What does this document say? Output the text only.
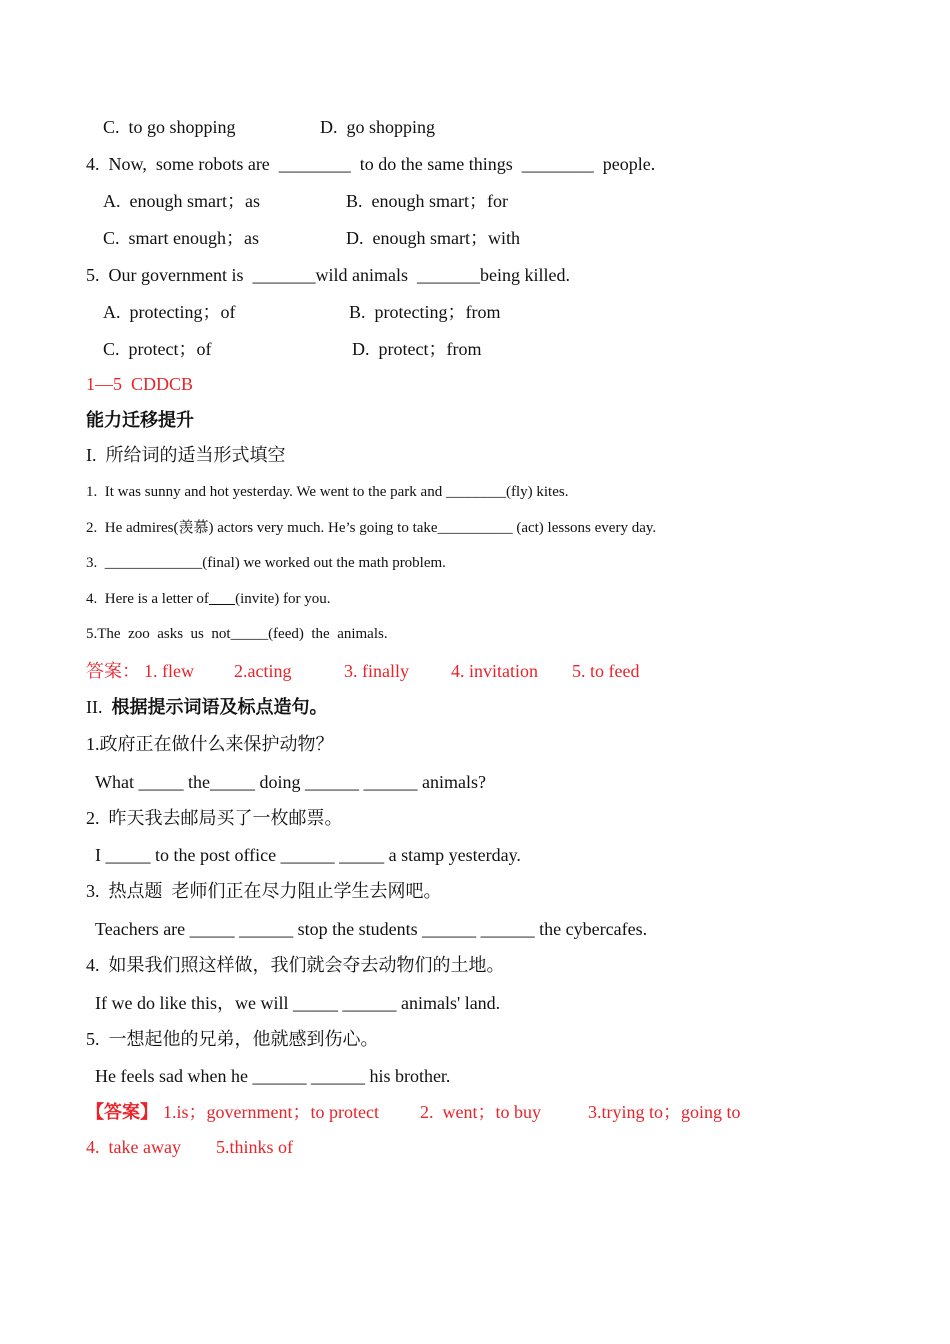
C.  to go shopping	D.  go shopping
4.  Now,  some robots are  ________  to do the same things  ________  people.
A.  enough smart；as	B.  enough smart；for
C.  smart enough；as	D.  enough smart；with
5.  Our government is  _______wild animals  _______being killed.
A.  protecting；of	B.  protecting；from
C.  protect；of	D.  protect；from
1—5  CDDCB
能力迁移提升
I.  所给词的适当形式填空
1.  It was sunny and hot yesterday. We went to the park and ________(fly) kites.
2.  He admires(羡慕) actors very much. He’s going to take__________ (act) lessons every day.
3.  _____________(final) we worked out the math problem.
4.  Here is a letter of (invite) for you.
5.The  zoo  asks  us  not_____(feed)  the  animals.
答案： 1. flew 2.acting	3. finally 4. invitation 5. to feed
II. 根据提示词语及标点造句。
1.政府正在做什么来保护动物？
What _____ the_____ doing ______ ______ animals?
2.  昨天我去邮局买了一枚邮票。
I _____ to the post office ______ _____ a stamp yesterday.
3.  热点题  老师们正在尽力阻止学生去网吧。
Teachers are _____ ______ stop the students ______ ______ the cybercafes.
4.  如果我们照这样做，我们就会夺去动物们的土地。
If we do like this，we will _____ ______ animals' land.
5.  一想起他的兄弟，他就感到伤心。
He feels sad when he ______ ______ his brother.
【答案】 1.is；government；to protect 2.  went；to buy	3.trying to；going to
4.  take away 5.thinks of
